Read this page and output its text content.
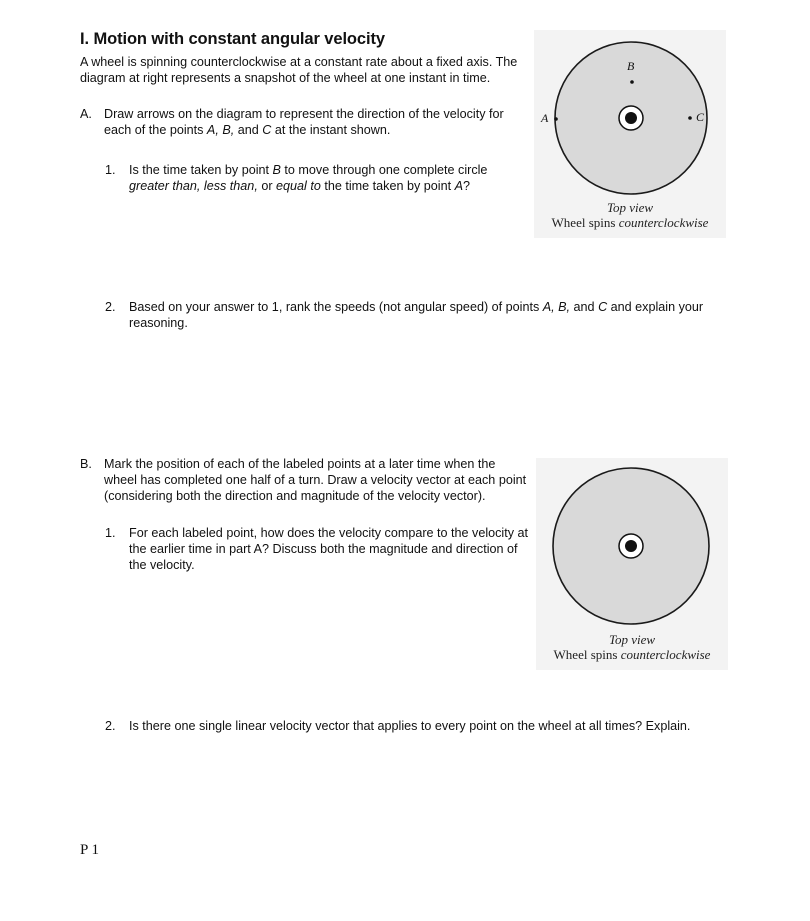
I. Motion with constant angular velocity
A wheel is spinning counterclockwise at a constant rate about a fixed axis. The diagram at right represents a snapshot of the wheel at one instant in time.
A. Draw arrows on the diagram to represent the direction of the velocity for each of the points A, B, and C at the instant shown.
1.	Is the time taken by point B to move through one complete circle greater than, less than, or equal to the time taken by point A?
2.	Based on your answer to 1, rank the speeds (not angular speed) of points A, B, and C and explain your reasoning.
B. Mark the position of each of the labeled points at a later time when the wheel has completed one half of a turn. Draw a velocity vector at each point (considering both the direction and magnitude of the velocity vector).
1.	For each labeled point, how does the velocity compare to the velocity at the earlier time in part A? Discuss both the magnitude and direction of the velocity.
2.	Is there one single linear velocity vector that applies to every point on the wheel at all times? Explain.
B
A	C
Top view
Wheel spins counterclockwise
Top view
Wheel spins counterclockwise
P 1
